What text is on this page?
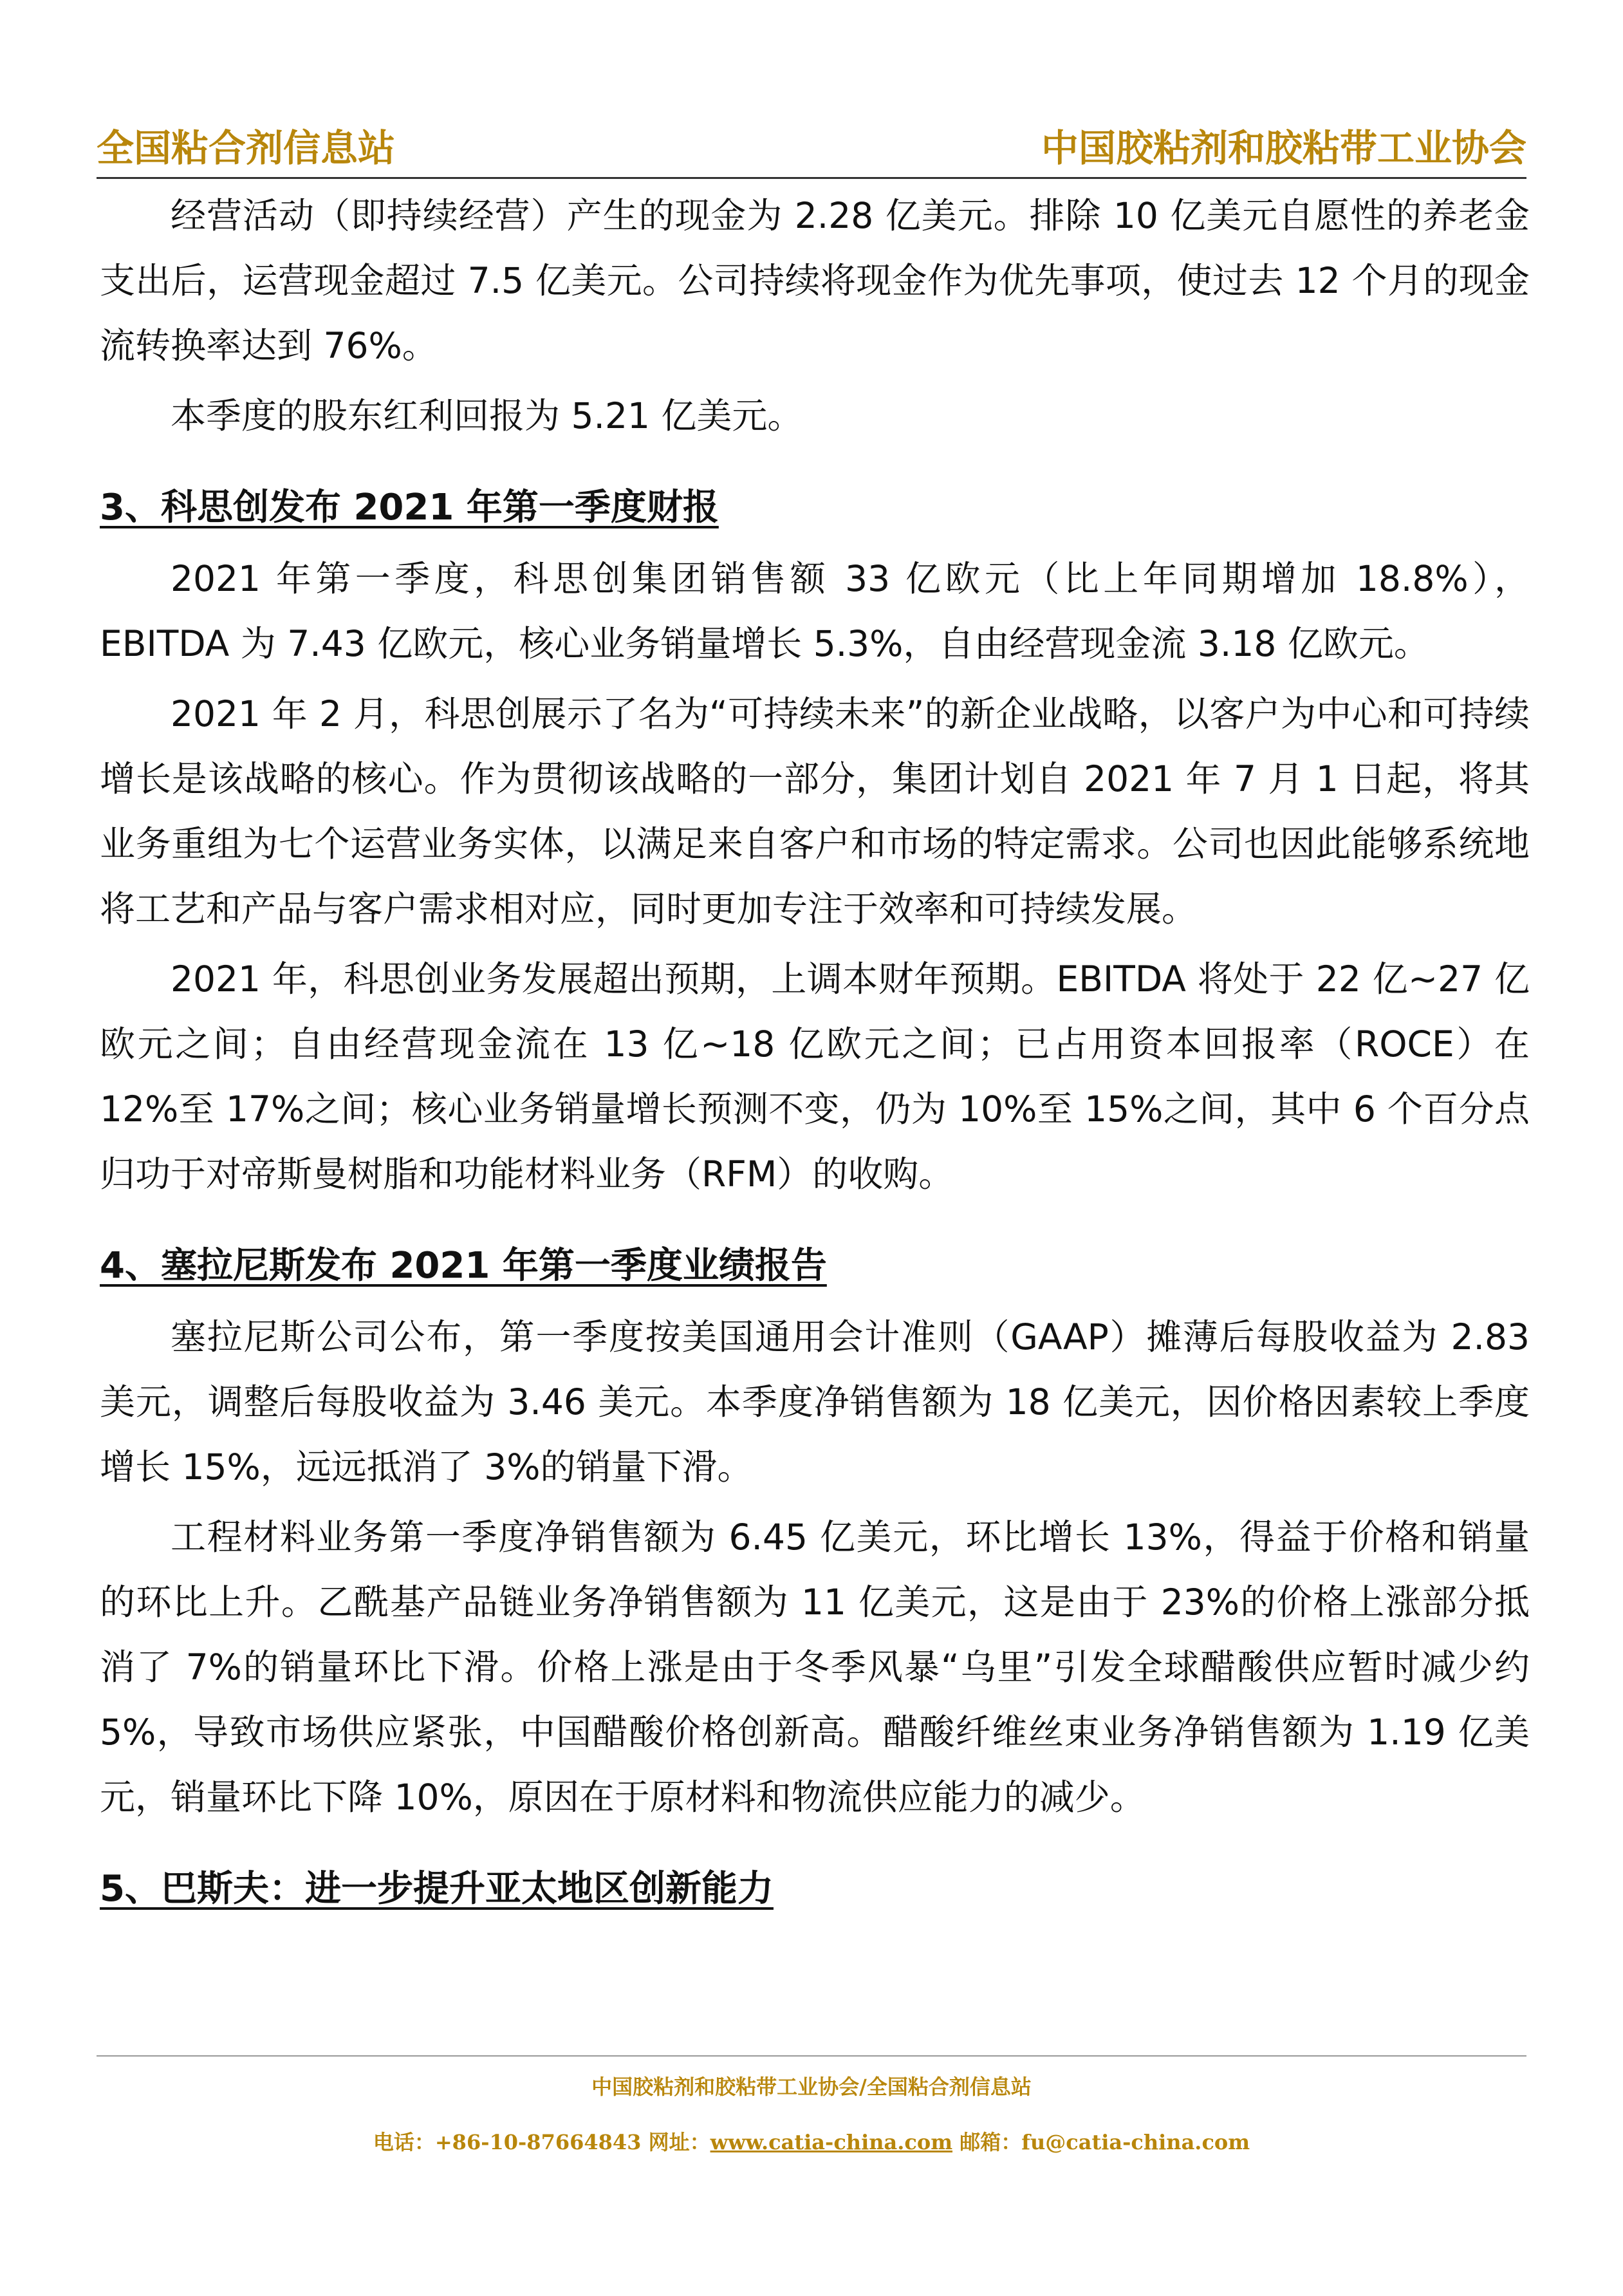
全国粘合剂信息站	中国胶粘剂和胶粘带工业协会

经营活动（即持续经营）产生的现金为 2.28 亿美元。排除 10 亿美元自愿性的养老金支出后，运营现金超过 7.5 亿美元。公司持续将现金作为优先事项，使过去 12 个月的现金流转换率达到 76%。

本季度的股东红利回报为 5.21 亿美元。

3、科思创发布 2021 年第一季度财报

2021 年第一季度，科思创集团销售额 33 亿欧元（比上年同期增加 18.8%），EBITDA 为 7.43 亿欧元，核心业务销量增长 5.3%，自由经营现金流 3.18 亿欧元。

2021 年 2 月，科思创展示了名为“可持续未来”的新企业战略，以客户为中心和可持续增长是该战略的核心。作为贯彻该战略的一部分，集团计划自 2021 年 7 月 1 日起，将其业务重组为七个运营业务实体，以满足来自客户和市场的特定需求。公司也因此能够系统地将工艺和产品与客户需求相对应，同时更加专注于效率和可持续发展。

2021 年，科思创业务发展超出预期，上调本财年预期。EBITDA 将处于 22 亿~27 亿欧元之间；自由经营现金流在 13 亿~18 亿欧元之间；已占用资本回报率（ROCE）在 12%至 17%之间；核心业务销量增长预测不变，仍为 10%至 15%之间，其中 6 个百分点归功于对帝斯曼树脂和功能材料业务（RFM）的收购。

4、塞拉尼斯发布 2021 年第一季度业绩报告

塞拉尼斯公司公布，第一季度按美国通用会计准则（GAAP）摊薄后每股收益为 2.83 美元，调整后每股收益为 3.46 美元。本季度净销售额为 18 亿美元，因价格因素较上季度增长 15%，远远抵消了 3%的销量下滑。

工程材料业务第一季度净销售额为 6.45 亿美元，环比增长 13%，得益于价格和销量的环比上升。乙酰基产品链业务净销售额为 11 亿美元，这是由于 23%的价格上涨部分抵消了 7%的销量环比下滑。价格上涨是由于冬季风暴“乌里”引发全球醋酸供应暂时减少约 5%，导致市场供应紧张，中国醋酸价格创新高。醋酸纤维丝束业务净销售额为 1.19 亿美元，销量环比下降 10%，原因在于原材料和物流供应能力的减少。

5、巴斯夫：进一步提升亚太地区创新能力
中国胶粘剂和胶粘带工业协会/全国粘合剂信息站
电话：+86-10-87664843 网址：www.catia-china.com 邮箱：fu@catia-china.com
